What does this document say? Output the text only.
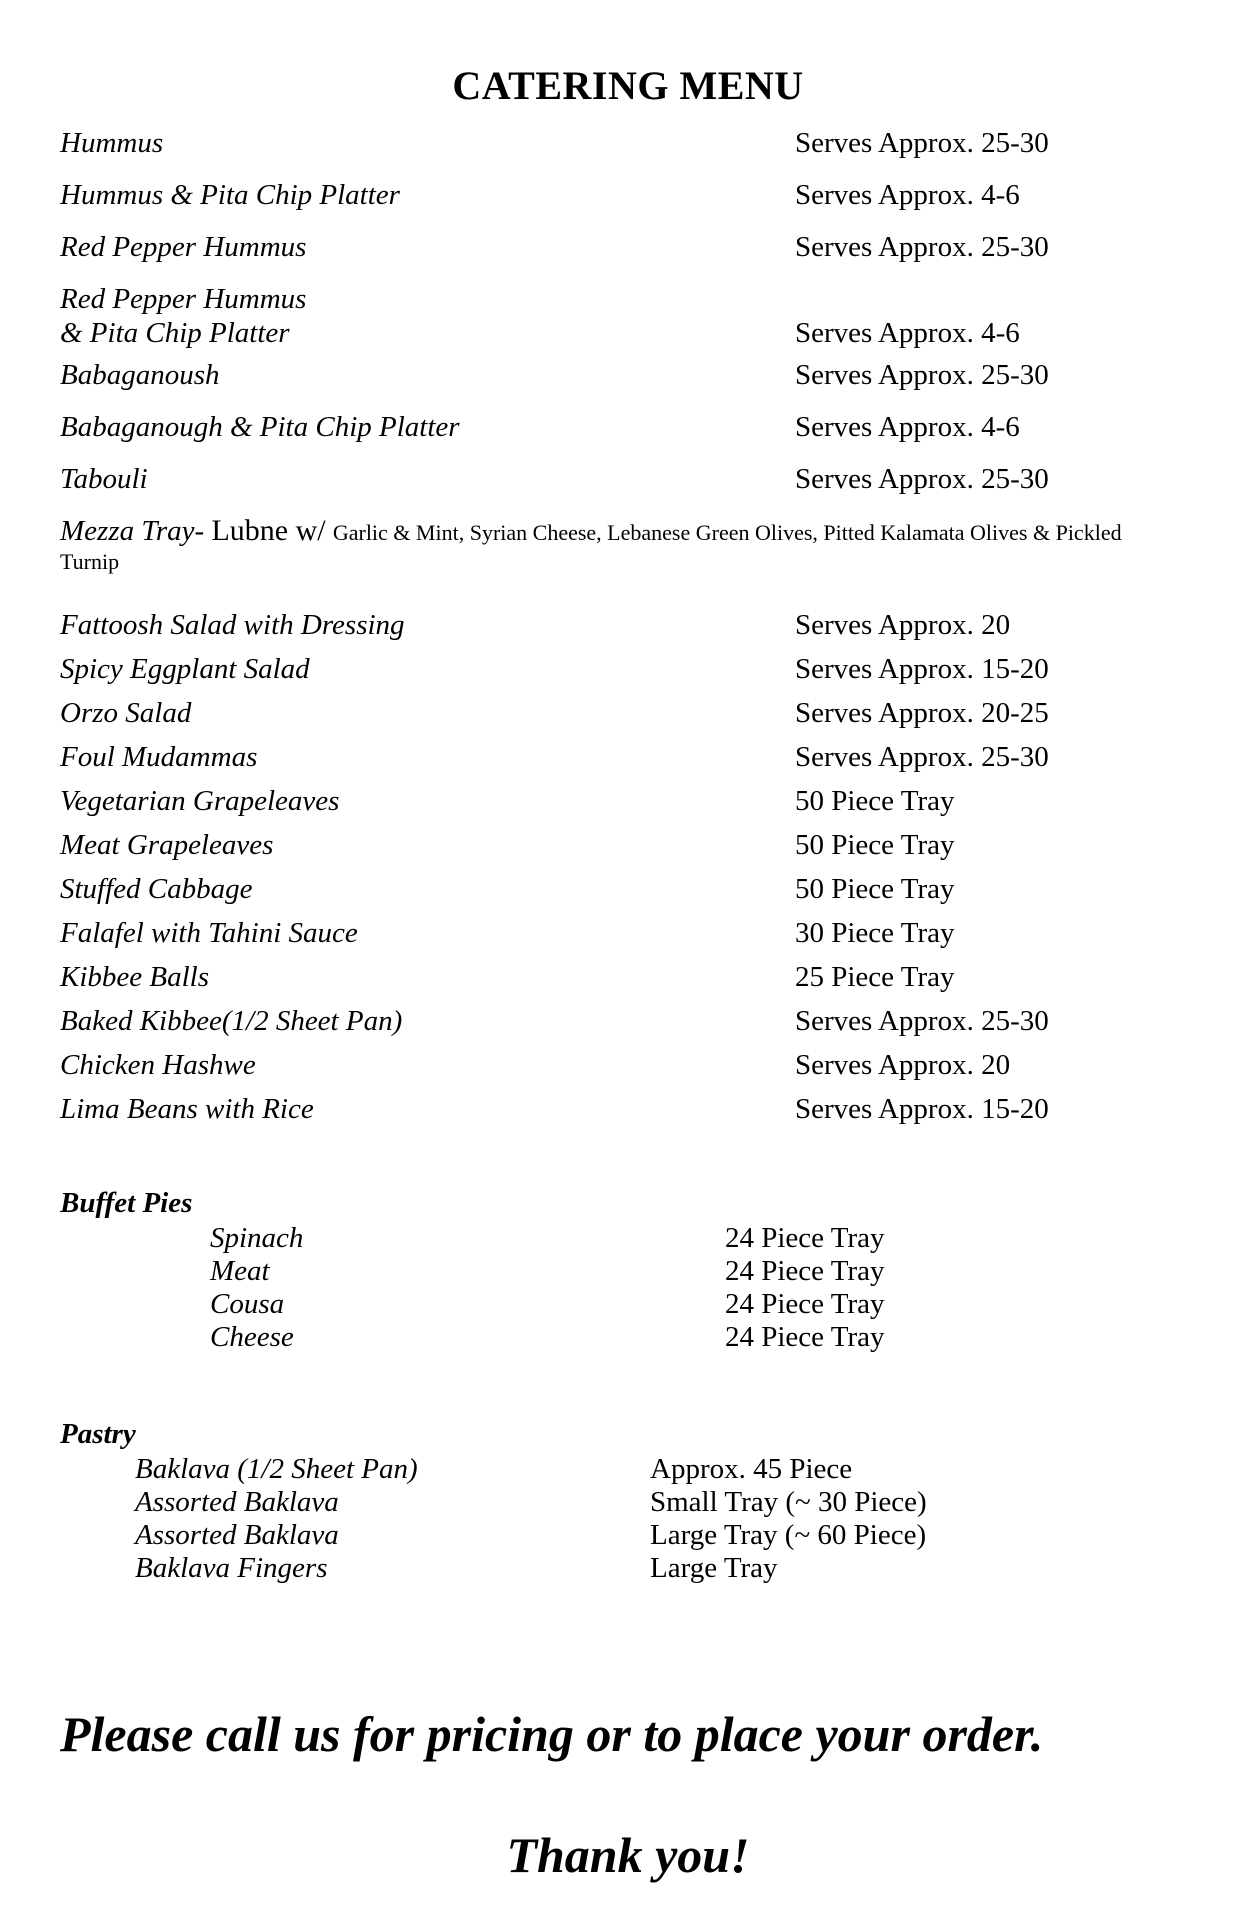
CATERING MENU
Hummus	Serves Approx. 25-30
Hummus & Pita Chip Platter	Serves Approx. 4-6
Red Pepper Hummus	Serves Approx. 25-30
Red Pepper Hummus
& Pita Chip Platter	Serves Approx. 4-6
Babaganoush	Serves Approx. 25-30
Babaganough & Pita Chip Platter	Serves Approx. 4-6
Tabouli	Serves Approx. 25-30
Mezza Tray- Lubne w/ Garlic & Mint, Syrian Cheese, Lebanese Green Olives, Pitted Kalamata Olives & Pickled
Turnip
Fattoosh Salad with Dressing	Serves Approx. 20
Spicy Eggplant Salad	Serves Approx. 15-20
Orzo Salad	Serves Approx. 20-25
Foul Mudammas	Serves Approx. 25-30
Vegetarian Grapeleaves	50 Piece Tray
Meat Grapeleaves	50 Piece Tray
Stuffed Cabbage	50 Piece Tray
Falafel with Tahini Sauce	30 Piece Tray
Kibbee Balls	25 Piece Tray
Baked Kibbee(1/2 Sheet Pan)	Serves Approx. 25-30
Chicken Hashwe	Serves Approx. 20
Lima Beans with Rice	Serves Approx. 15-20
Buffet Pies
Spinach	24 Piece Tray
Meat	24 Piece Tray
Cousa	24 Piece Tray
Cheese	24 Piece Tray
Pastry
Baklava (1/2 Sheet Pan)	Approx. 45 Piece
Assorted Baklava	Small Tray (~ 30 Piece)
Assorted Baklava	Large Tray (~ 60 Piece)
Baklava Fingers	Large Tray
Please call us for pricing or to place your order.
Thank you!
